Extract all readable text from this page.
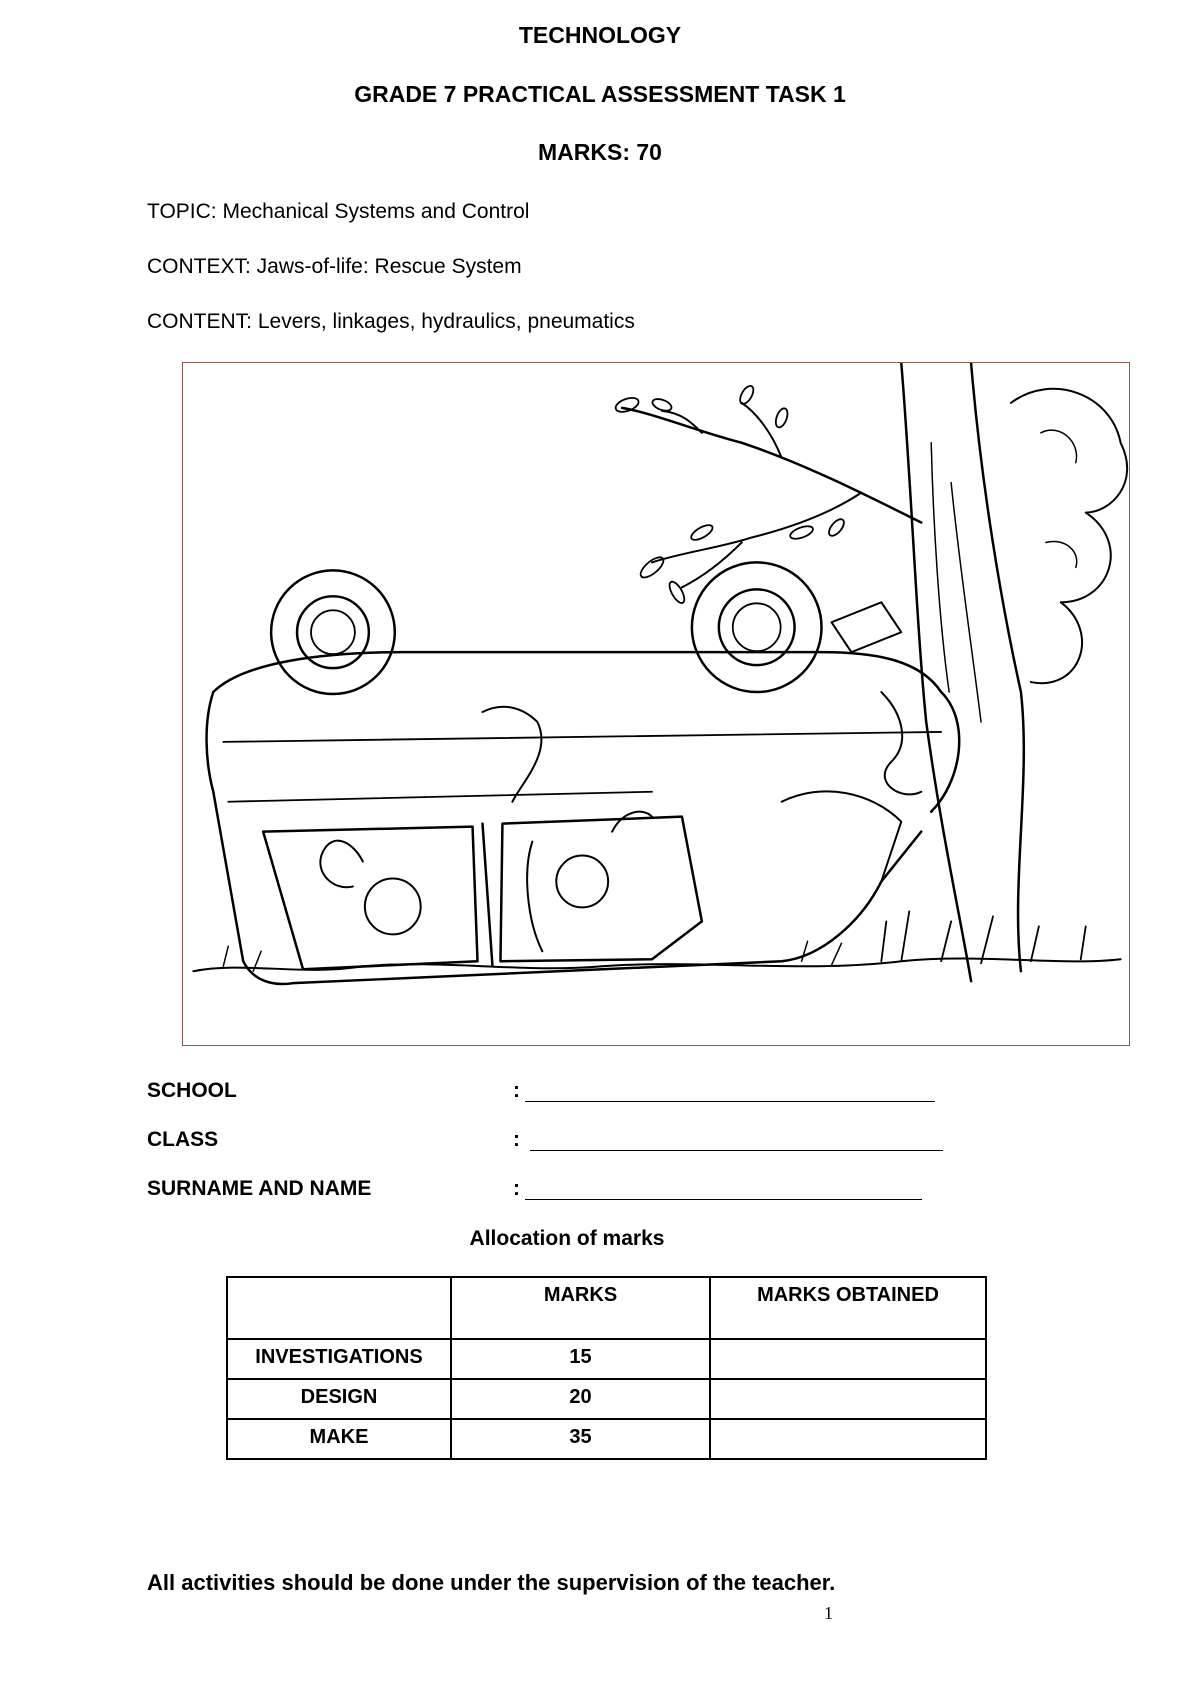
TECHNOLOGY
GRADE 7 PRACTICAL ASSESSMENT TASK 1
MARKS: 70
TOPIC: Mechanical Systems and Control
CONTEXT: Jaws-of-life: Rescue System
CONTENT: Levers, linkages, hydraulics, pneumatics
SCHOOL	:
CLASS	:
SURNAME AND NAME	:
Allocation of marks
	MARKS	MARKS OBTAINED
INVESTIGATIONS	15	
DESIGN	20	
MAKE	35	
All activities should be done under the supervision of the teacher.
1
